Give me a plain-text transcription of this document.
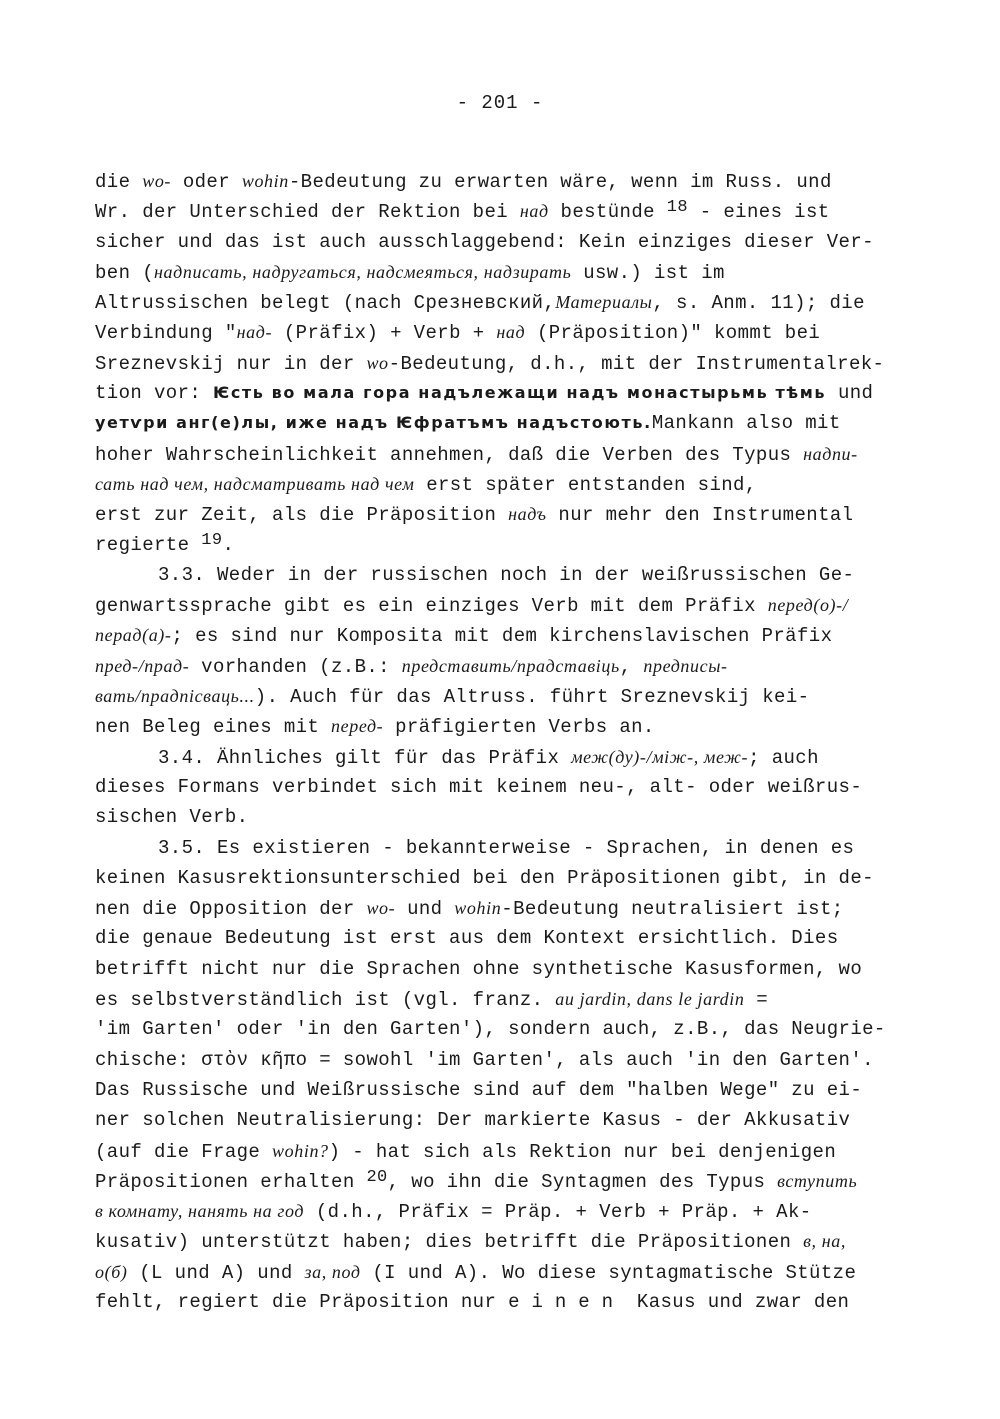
- 201 -
die wo- oder wohin-Bedeutung zu erwarten wäre, wenn im Russ. und
Wr. der Unterschied der Rektion bei над bestünde $^{18}$ - eines ist
sicher und das ist auch ausschlaggebend: Kein einziges dieser Ver-
ben (надписать, надругаться, надсмеяться, надзирать usw.) ist im
Altrussischen belegt (nach Срезневский,Материалы, s. Anm. 11); die
Verbindung "над- (Präfix) + Verb + над (Präposition)" kommt bei
Sreznevskij nur in der wo-Bedeutung, d.h., mit der Instrumentalrek-
tion vor: Ѥсть во мала гора надълежащи надъ монастырьмь тѣмь und
уетѵри анг(е)лы, иже надъ Ѥфратъмъ надъстоють.Mankann also mit
hoher Wahrscheinlichkeit annehmen, daß die Verben des Typus надпи-
сать над чем, надсматривать над чем erst später entstanden sind,
erst zur Zeit, als die Präposition надъ nur mehr den Instrumental
regierte $^{19}$.
3.3. Weder in der russischen noch in der weißrussischen Ge-
genwartssprache gibt es ein einziges Verb mit dem Präfix перед(о)-/
перад(а)-; es sind nur Komposita mit dem kirchenslavischen Präfix
пред-/прад- vorhanden (z.B.: представить/прадставіць, предписы-
вать/прадпісваць...). Auch für das Altruss. führt Sreznevskij kei-
nen Beleg eines mit перед- präfigierten Verbs an.
3.4. Ähnliches gilt für das Präfix меж(ду)-/між-, меж-; auch
dieses Formans verbindet sich mit keinem neu-, alt- oder weißrus-
sischen Verb.
3.5. Es existieren - bekannterweise - Sprachen, in denen es
keinen Kasusrektionsunterschied bei den Präpositionen gibt, in de-
nen die Opposition der wo- und wohin-Bedeutung neutralisiert ist;
die genaue Bedeutung ist erst aus dem Kontext ersichtlich. Dies
betrifft nicht nur die Sprachen ohne synthetische Kasusformen, wo
es selbstverständlich ist (vgl. franz. au jardin, dans le jardin =
'im Garten' oder 'in den Garten'), sondern auch, z.B., das Neugrie-
chische: στὸν κῆπο = sowohl 'im Garten', als auch 'in den Garten'.
Das Russische und Weißrussische sind auf dem "halben Wege" zu ei-
ner solchen Neutralisierung: Der markierte Kasus - der Akkusativ
(auf die Frage wohin?) - hat sich als Rektion nur bei denjenigen
Präpositionen erhalten $^{20}$, wo ihn die Syntagmen des Typus вступить
в комнату, нанять на год (d.h., Präfix = Präp. + Verb + Präp. + Ak-
kusativ) unterstützt haben; dies betrifft die Präpositionen в, на,
о(б) (L und A) und за, под (I und A). Wo diese syntagmatische Stütze
fehlt, regiert die Präposition nur einen Kasus und zwar den
